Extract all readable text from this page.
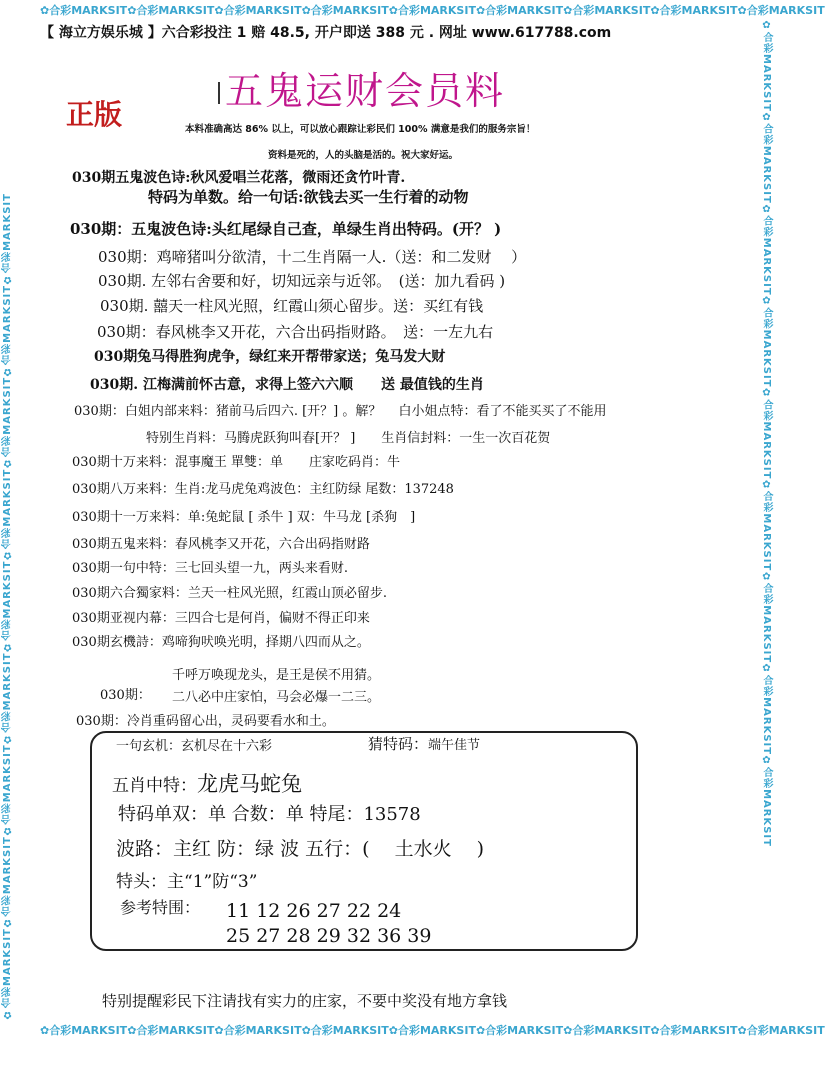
✿合彩MARKSIT✿合彩MARKSIT✿合彩MARKSIT✿合彩MARKSIT✿合彩MARKSIT✿合彩MARKSIT✿合彩MARKSIT✿合彩MARKSIT✿合彩MARKSIT
✿合彩MARKSIT✿合彩MARKSIT✿合彩MARKSIT✿合彩MARKSIT✿合彩MARKSIT✿合彩MARKSIT✿合彩MARKSIT✿合彩MARKSIT✿合彩MARKSIT
✿合彩MARKSIT✿合彩MARKSIT✿合彩MARKSIT✿合彩MARKSIT✿合彩MARKSIT✿合彩MARKSIT✿合彩MARKSIT✿合彩MARKSIT✿合彩MARKSIT	✿合彩MARKSIT✿合彩MARKSIT✿合彩MARKSIT✿合彩MARKSIT✿合彩MARKSIT✿合彩MARKSIT✿合彩MARKSIT✿合彩MARKSIT✿合彩MARKSIT
【 海立方娱乐城 】六合彩投注 1 赔 48.5, 开户即送 388 元 . 网址 www.617788.com
五鬼运财会员料
正版	本料准确高达 86% 以上，可以放心跟踪让彩民们 100% 满意是我们的服务宗旨！
资料是死的，人的头脑是活的。祝大家好运。
030期五鬼波色诗:秋风爱唱兰花落，微雨还贪竹叶青.
特码为单数。给一句话:欲钱去买一生行着的动物
030期：五鬼波色诗:头红尾绿自己查，单绿生肖出特码。(开？ )
030期：鸡啼猪叫分欲清，十二生肖隔一人.（送：和二发财　 ）
030期. 左邻右舍要和好，切知远亲与近邻。　(送：加九看码 )
030期. 囍天一柱风光照，红霞山须心留步。送：买红有钱
030期：春风桃李又开花，六合出码指财路。　送：一左九右
030期兔马得胜狗虎争，绿红来开帮带家送；兔马发大财
030期. 江梅满前怀古意，求得上签六六顺　　送 最值钱的生肖
030期：白姐内部来料：猪前马后四六. [开？] 。解？　 白小姐点特：看了不能买买了不能用
特别生肖料：马腾虎跃狗叫春[开？ ]　　生肖信封料：一生一次百花贺
030期十万来料：混事魔王 單雙：单　　庄家吃码肖：牛
030期八万来料：生肖:龙马虎兔鸡波色：主红防绿 尾数：137248
030期十一万来料：单:兔蛇鼠 [ 杀牛 ] 双：牛马龙 [杀狗　]
030期五鬼来料：春风桃李又开花，六合出码指财路
030期一句中特：三七回头望一九，两头来看财.
030期六合獨家料：兰天一柱风光照，红霞山顶必留步.
030期亚视内幕：三四合七是何肖，偏财不得正印来
030期玄機詩：鸡啼狗吠唤光明，择期八四而从之。
千呼万唤现龙头，是王是侯不用猜。
030期： 二八必中庄家怕，马会必爆一二三。
030期：冷肖重码留心出，灵码要看水和土。
一句玄机：玄机尽在十六彩	猜特码：端午佳节
五肖中特：龙虎马蛇兔
特码单双：单 合数：单 特尾：13578
波路：主红 防：绿 波 五行：(　 土水火　 )
特头：主“1”防“3”
参考特围： 11 12 26 27 22 24
25 27 28 29 32 36 39
特别提醒彩民下注请找有实力的庄家，不要中奖没有地方拿钱
